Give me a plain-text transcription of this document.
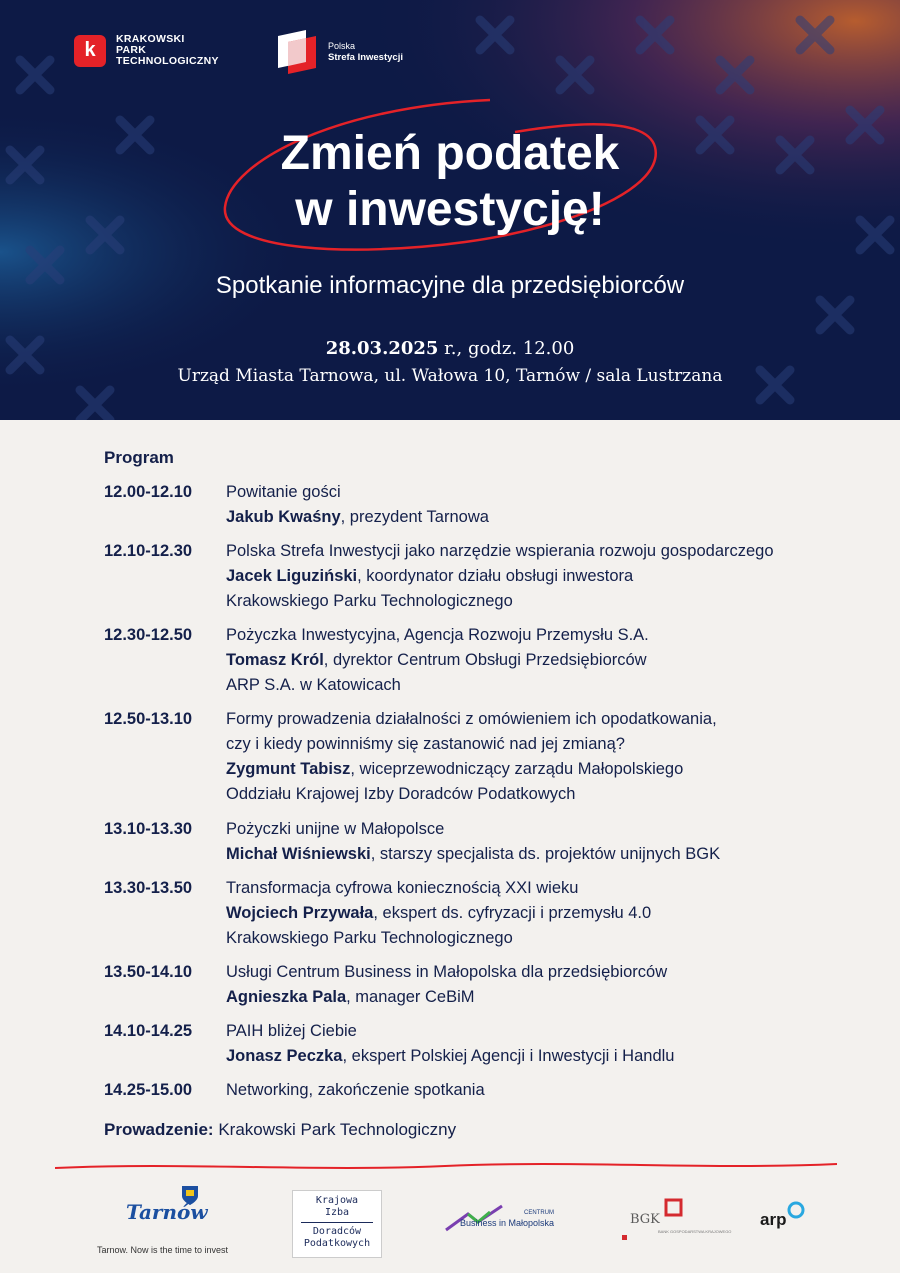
k	KRAKOWSKI
PARK
TECHNOLOGICZNY
Polska
Strefa Inwestycji
Zmień podatek
w inwestycję!
Spotkanie informacyjne dla przedsiębiorców
28.03.2025 r., godz. 12.00
Urząd Miasta Tarnowa, ul. Wałowa 10, Tarnów / sala Lustrzana
Program
12.00-12.10	Powitanie gości
Jakub Kwaśny, prezydent Tarnowa
12.10-12.30	Polska Strefa Inwestycji jako narzędzie wspierania rozwoju gospodarczego
Jacek Liguziński, koordynator działu obsługi inwestora
Krakowskiego Parku Technologicznego
12.30-12.50	Pożyczka Inwestycyjna, Agencja Rozwoju Przemysłu S.A.
Tomasz Król, dyrektor Centrum Obsługi Przedsiębiorców
ARP S.A. w Katowicach
12.50-13.10	Formy prowadzenia działalności z omówieniem ich opodatkowania,
czy i kiedy powinniśmy się zastanowić nad jej zmianą?
Zygmunt Tabisz, wiceprzewodniczący zarządu Małopolskiego
Oddziału Krajowej Izby Doradców Podatkowych
13.10-13.30	Pożyczki unijne w Małopolsce
Michał Wiśniewski, starszy specjalista ds. projektów unijnych BGK
13.30-13.50	Transformacja cyfrowa koniecznością XXI wieku
Wojciech Przywała, ekspert ds. cyfryzacji i przemysłu 4.0
Krakowskiego Parku Technologicznego
13.50-14.10	Usługi Centrum Business in Małopolska dla przedsiębiorców
Agnieszka Pala, manager CeBiM
14.10-14.25	PAIH bliżej Ciebie
Jonasz Peczka, ekspert Polskiej Agencji i Inwestycji i Handlu
14.25-15.00	Networking, zakończenie spotkania
Prowadzenie: Krakowski Park Technologiczny
Tarnów
Tarnow. Now is the time to invest
Krajowa
Izba
Doradców
Podatkowych
CENTRUM
Business in Małopolska	BGK
BANK GOSPODARSTWA KRAJOWEGO
arp
